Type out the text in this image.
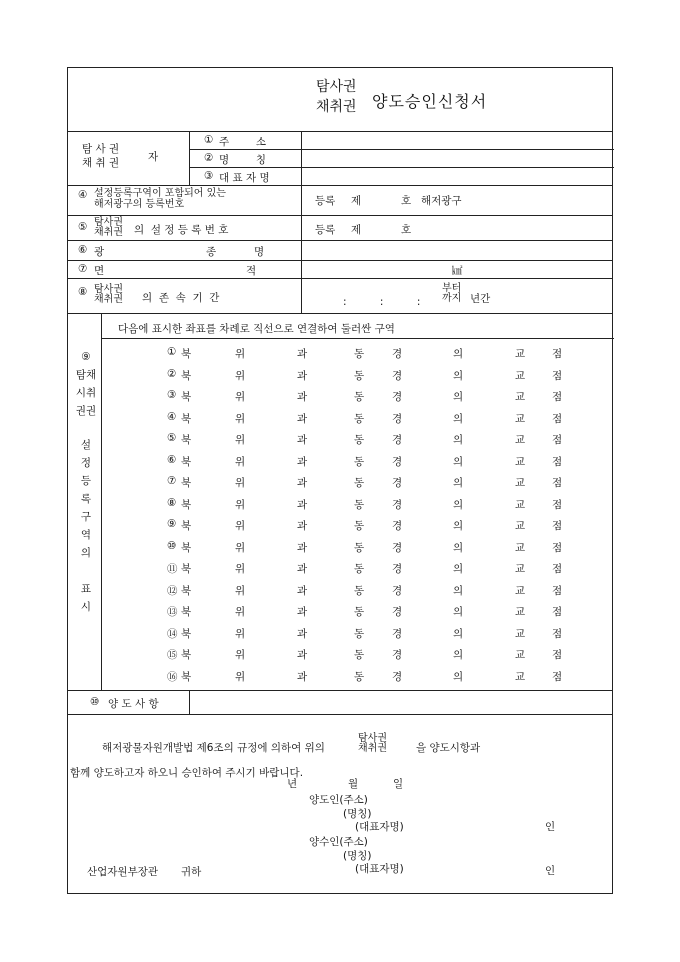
탐사권
채취권 양도승인신청서
탐 사 권
채 취 권	자
① 주        소
② 명        칭
③ 대 표 자 명
④ 설정등록구역이 포함되어 있는
해저광구의 등록번호	등록 제	호 해저광구
⑤ 탐사권
채취권 의  설 정 등 록 번 호	등록 제	호
⑥ 광	종	명
⑦ 면	적	㎢
⑧ 탐사권
채취권 의  존  속  기  간	:          :          :
부터
까지 년간
⑨
탐채
시취
권권
설
정
등
록
구
역
의
표
시
다음에 표시한 좌표를 차례로 직선으로 연결하여 둘러싼 구역
① 북	위	과	동	경	의	교	점
② 북	위	과	동	경	의	교	점
③ 북	위	과	동	경	의	교	점
④ 북	위	과	동	경	의	교	점
⑤ 북	위	과	동	경	의	교	점
⑥ 북	위	과	동	경	의	교	점
⑦ 북	위	과	동	경	의	교	점
⑧ 북	위	과	동	경	의	교	점
⑨ 북	위	과	동	경	의	교	점
⑩ 북	위	과	동	경	의	교	점
⑪ 북	위	과	동	경	의	교	점
⑫ 북	위	과	동	경	의	교	점
⑬ 북	위	과	동	경	의	교	점
⑭ 북	위	과	동	경	의	교	점
⑮ 북	위	과	동	경	의	교	점
⑯ 북	위	과	동	경	의	교	점
⑩ 양 도 사 항
해저광물자원개발법 제6조의 규정에 의하여 위의
탐사권
채취권	을 양도시항과
함께 양도하고자 하오니 승인하여 주시기 바랍니다.
년	월	일
양도인(주소)
(명칭)
(대표자명)	인
양수인(주소)
(명칭)
(대표자명)	인
산업자원부장관 귀하
